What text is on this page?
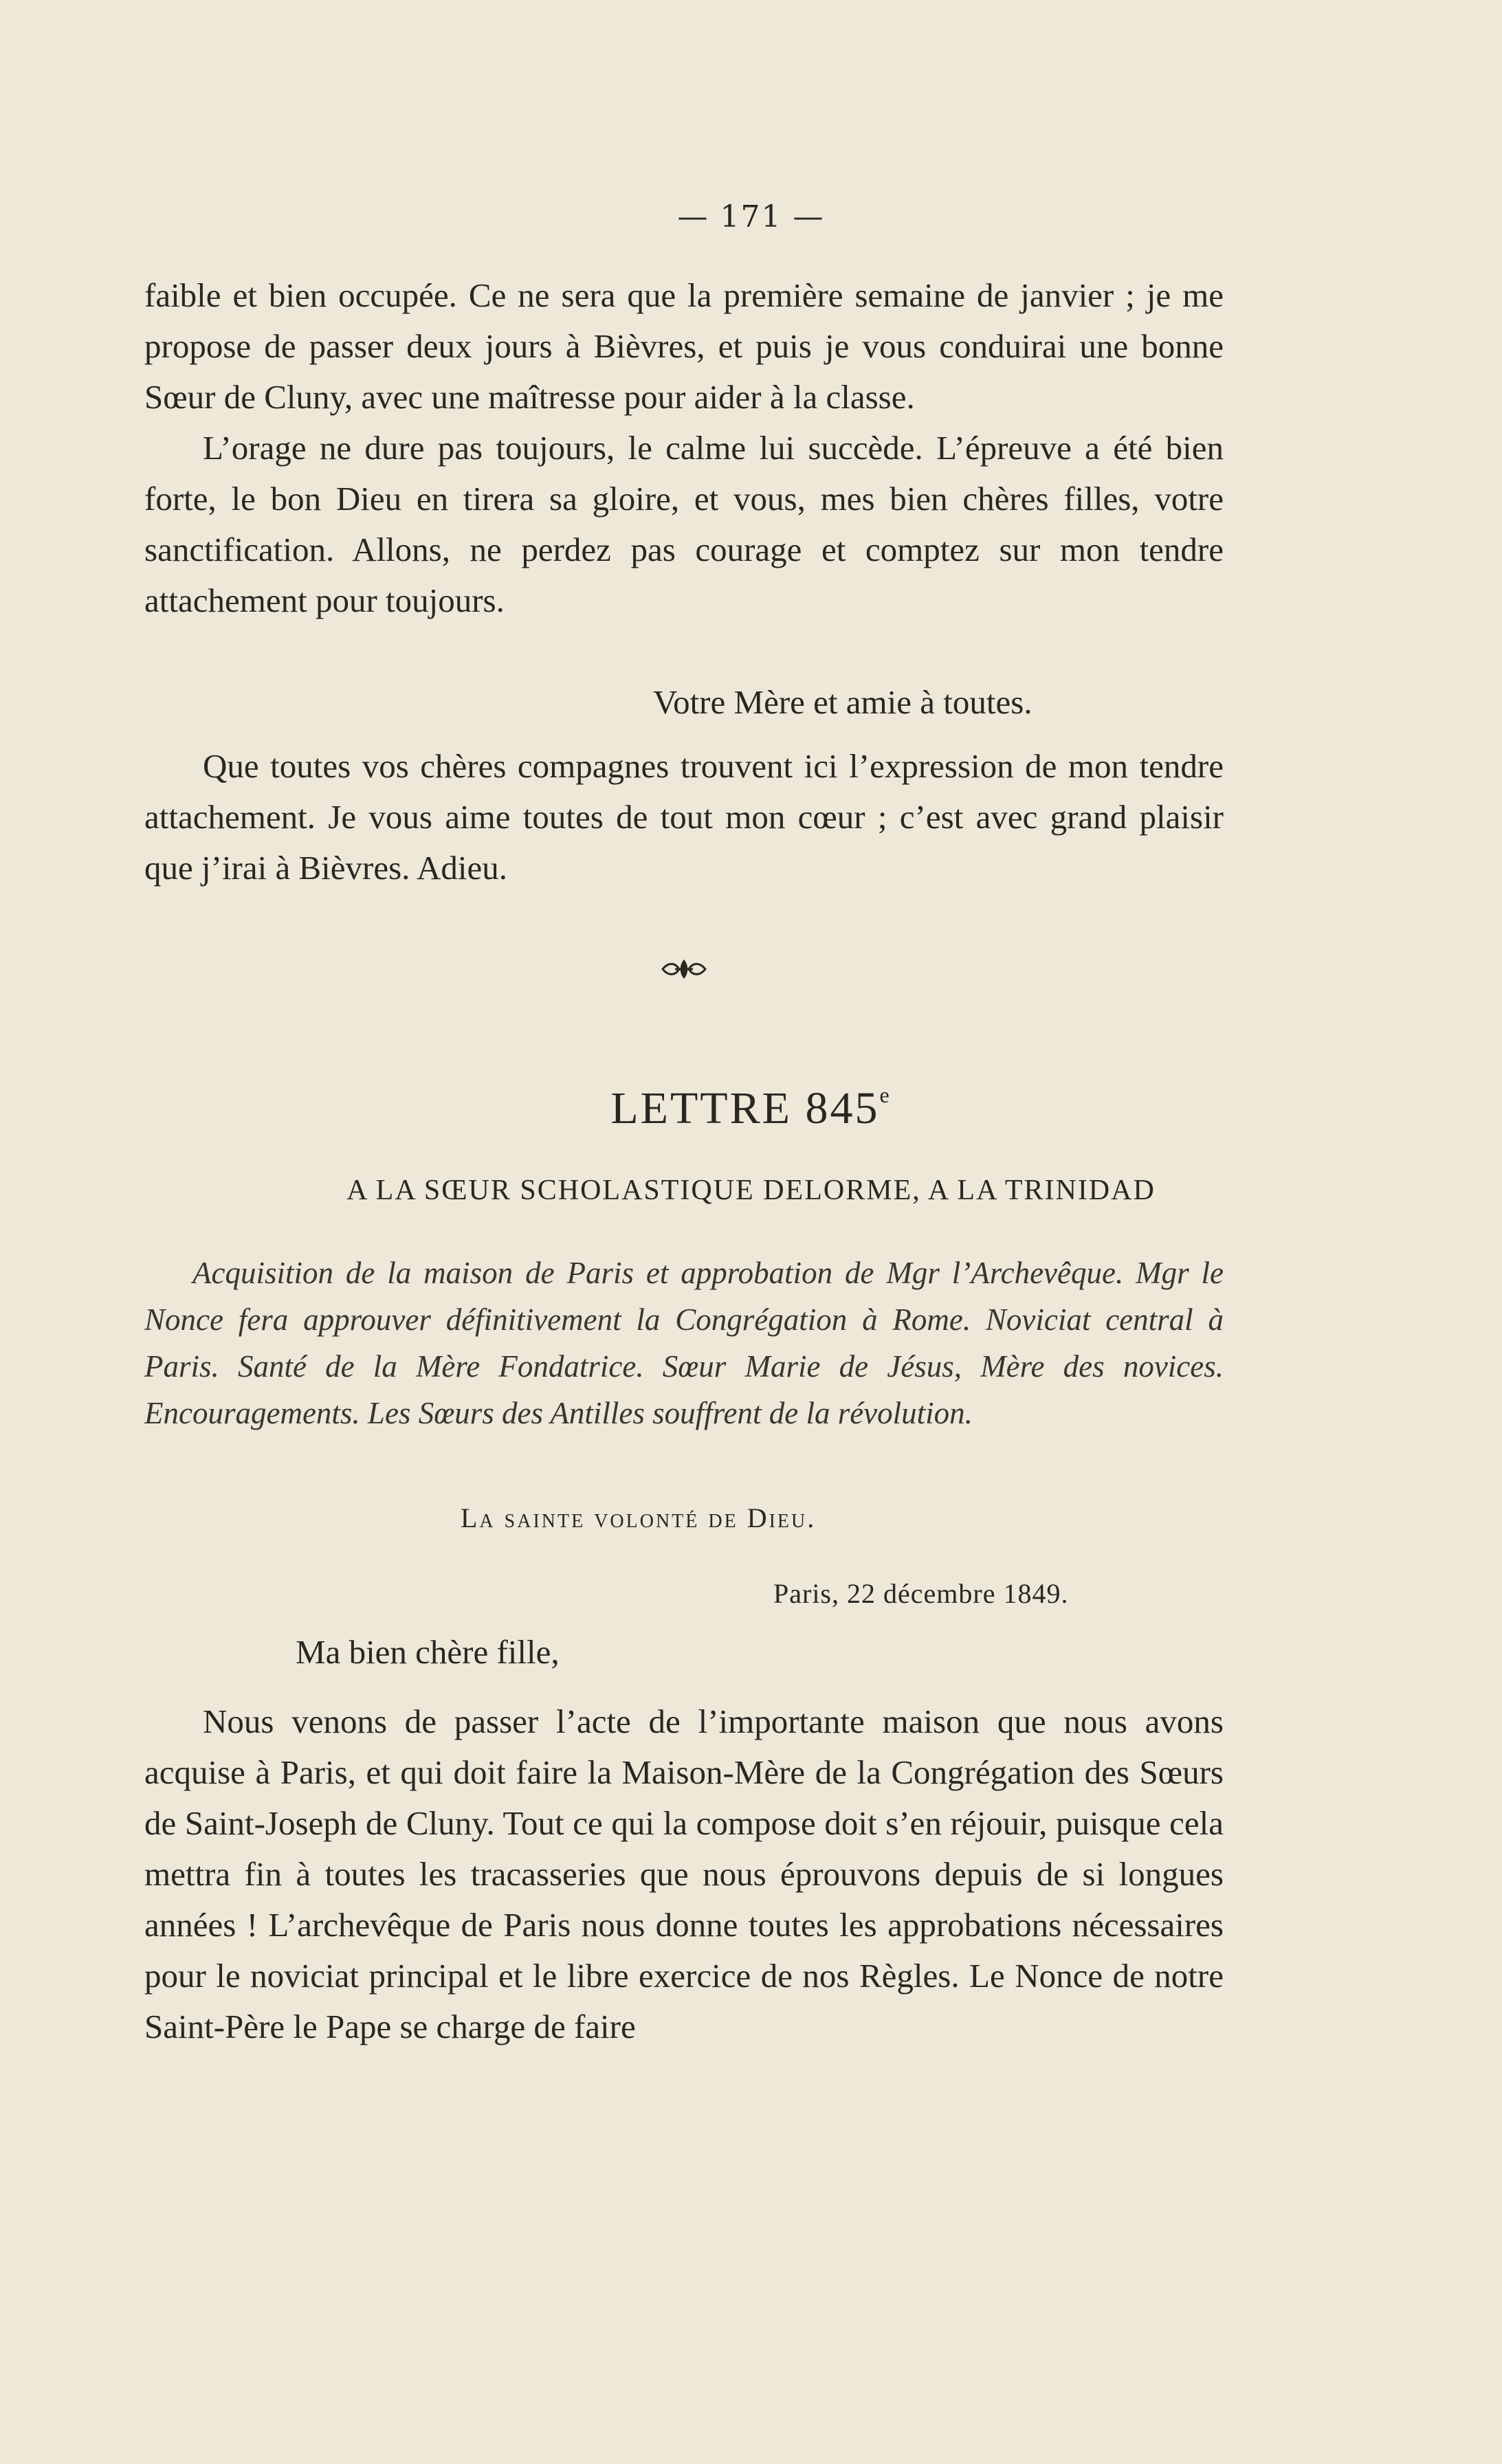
— 171 —

faible et bien occupée. Ce ne sera que la première semaine de janvier ; je me propose de passer deux jours à Bièvres, et puis je vous conduirai une bonne Sœur de Cluny, avec une maîtresse pour aider à la classe.

L’orage ne dure pas toujours, le calme lui succède. L’épreuve a été bien forte, le bon Dieu en tirera sa gloire, et vous, mes bien chères filles, votre sanctification. Allons, ne perdez pas courage et comptez sur mon tendre attachement pour toujours.

Votre Mère et amie à toutes.

Que toutes vos chères compagnes trouvent ici l’expression de mon tendre attachement. Je vous aime toutes de tout mon cœur ; c’est avec grand plaisir que j’irai à Bièvres. Adieu.

LETTRE 845e
A LA SŒUR SCHOLASTIQUE DELORME, A LA TRINIDAD
Acquisition de la maison de Paris et approbation de Mgr l’Archevêque. Mgr le Nonce fera approuver définitivement la Congrégation à Rome. Noviciat central à Paris. Santé de la Mère Fondatrice. Sœur Marie de Jésus, Mère des novices. Encouragements. Les Sœurs des Antilles souffrent de la révolution.
La sainte volonté de Dieu.
Paris, 22 décembre 1849.
Ma bien chère fille,

Nous venons de passer l’acte de l’importante maison que nous avons acquise à Paris, et qui doit faire la Maison-Mère de la Congrégation des Sœurs de Saint-Joseph de Cluny. Tout ce qui la compose doit s’en réjouir, puisque cela mettra fin à toutes les tracasseries que nous éprouvons depuis de si longues années ! L’archevêque de Paris nous donne toutes les approbations nécessaires pour le noviciat principal et le libre exercice de nos Règles. Le Nonce de notre Saint-Père le Pape se charge de faire
